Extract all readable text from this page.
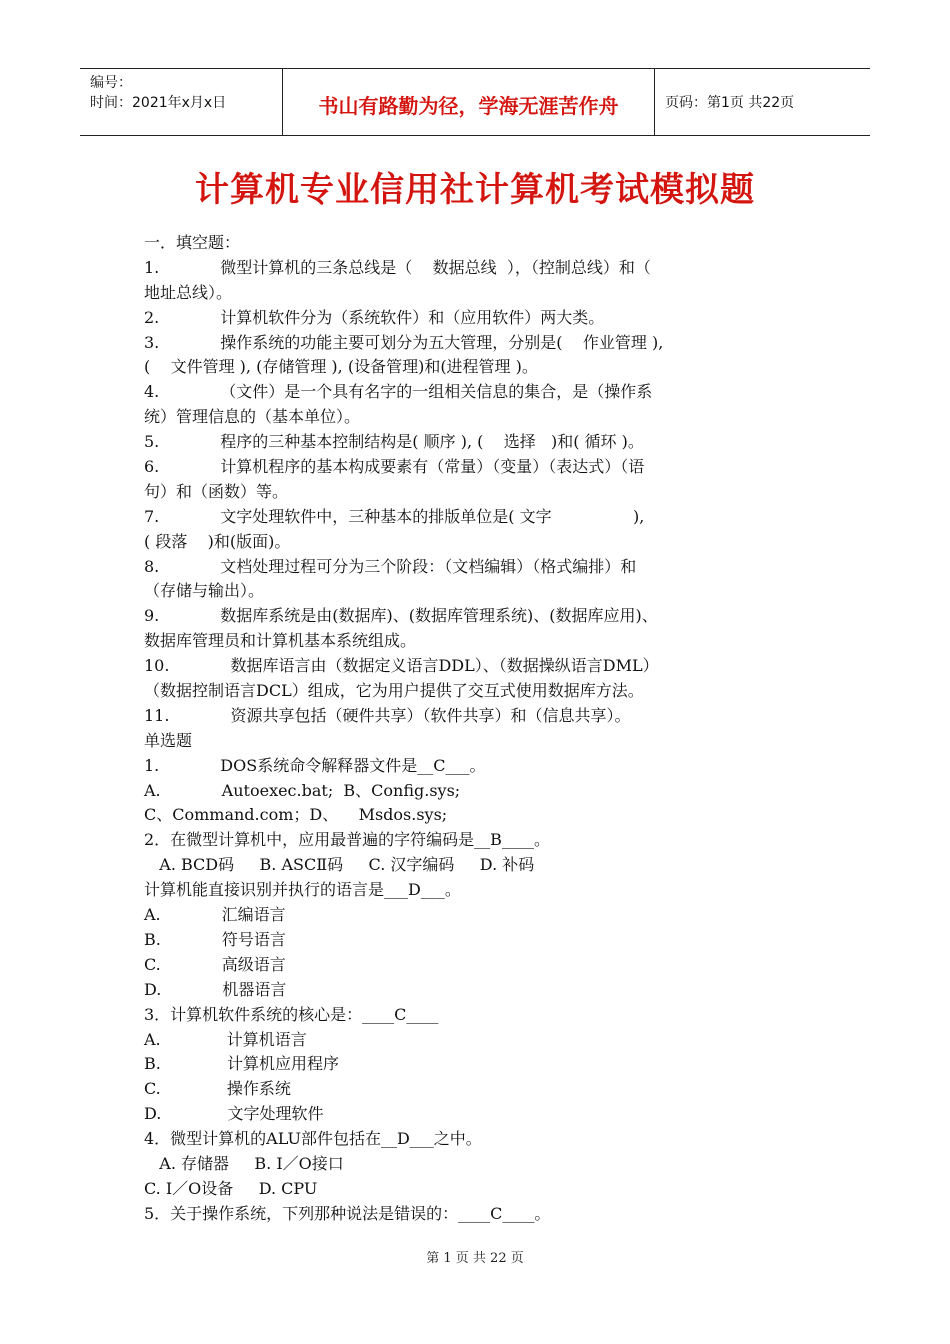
编号：
时间：2021年x月x日	书山有路勤为径，学海无涯苦作舟	页码：第1页 共22页
计算机专业信用社计算机考试模拟题
一．填空题：
1.            微型计算机的三条总线是（    数据总线  ），（控制总线）和（
地址总线）。
2.            计算机软件分为（系统软件）和（应用软件）两大类。
3.            操作系统的功能主要可划分为五大管理，分别是(    作业管理 ),
(    文件管理 ), (存储管理 ), (设备管理)和(进程管理 )。
4.            （文件）是一个具有名字的一组相关信息的集合，是（操作系
统）管理信息的（基本单位）。
5.            程序的三种基本控制结构是( 顺序 ), (    选择   )和( 循环 )。
6.            计算机程序的基本构成要素有（常量）（变量）（表达式）（语
句）和（函数）等。
7.            文字处理软件中，三种基本的排版单位是( 文字                ),
( 段落    )和(版面)。
8.            文档处理过程可分为三个阶段：（文档编辑）（格式编排）和
（存储与输出）。
9.            数据库系统是由(数据库)、(数据库管理系统)、(数据库应用)、
数据库管理员和计算机基本系统组成。
10.            数据库语言由（数据定义语言DDL）、（数据操纵语言DML）
（数据控制语言DCL）组成，它为用户提供了交互式使用数据库方法。
11.            资源共享包括（硬件共享）（软件共享）和（信息共享）。
单选题
1.            DOS系统命令解释器文件是__C___。
A.            Autoexec.bat;  B、Config.sys;
C、Command.com；D、    Msdos.sys;
2．在微型计算机中，应用最普遍的字符编码是__B____。
A. BCD码     B. ASCⅡ码     C. 汉字编码     D. 补码
计算机能直接识别并执行的语言是___D___。
A.            汇编语言
B.            符号语言
C.            高级语言
D.            机器语言
3．计算机软件系统的核心是：____C____
A.             计算机语言
B.             计算机应用程序
C.             操作系统
D.             文字处理软件
4．微型计算机的ALU部件包括在__D___之中。
A. 存储器     B. I／O接口
C. I／O设备     D. CPU
5．关于操作系统，下列那种说法是错误的：____C____。
第 1 页 共 22 页
